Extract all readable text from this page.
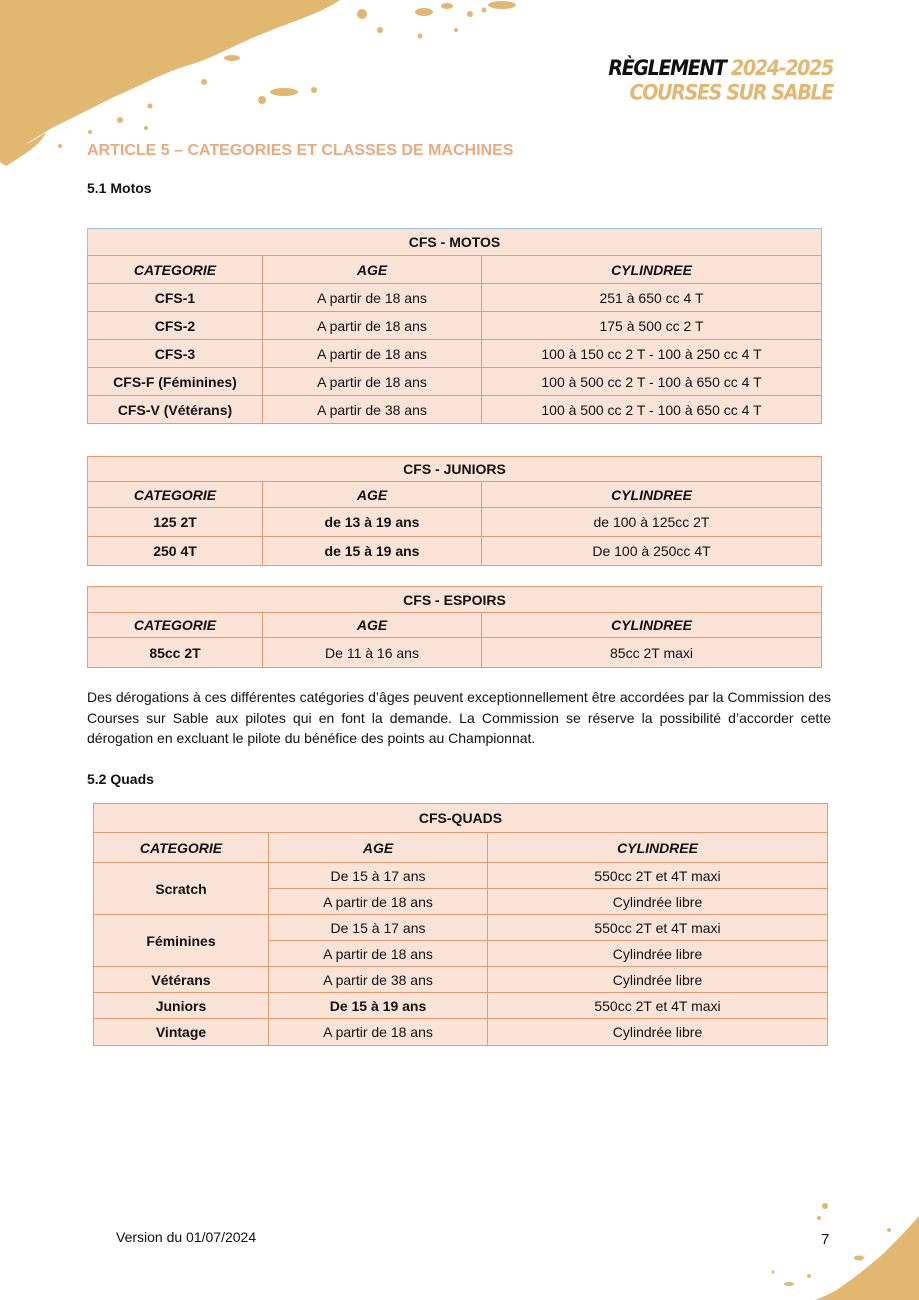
RÈGLEMENT 2024-2025
COURSES SUR SABLE
ARTICLE 5 – CATEGORIES ET CLASSES DE MACHINES
5.1 Motos
CFS - MOTOS		
CATEGORIE	AGE	CYLINDREE
CFS-1	A partir de 18 ans	251 à 650 cc 4 T
CFS-2	A partir de 18 ans	175 à 500 cc 2 T
CFS-3	A partir de 18 ans	100 à 150 cc 2 T - 100 à 250 cc 4 T
CFS-F (Féminines)	A partir de 18 ans	100 à 500 cc 2 T - 100 à 650 cc 4 T
CFS-V (Vétérans)	A partir de 38 ans	100 à 500 cc 2 T - 100 à 650 cc 4 T
CFS - JUNIORS		
CATEGORIE	AGE	CYLINDREE
125 2T	de 13 à 19 ans	de 100 à 125cc 2T
250 4T	de 15 à 19 ans	De 100 à 250cc 4T
CFS - ESPOIRS		
CATEGORIE	AGE	CYLINDREE
85cc 2T	De 11 à 16 ans	85cc 2T maxi
Des dérogations à ces différentes catégories d’âges peuvent exceptionnellement être accordées par la Commission des Courses sur Sable aux pilotes qui en font la demande. La Commission se réserve la possibilité d’accorder cette dérogation en excluant le pilote du bénéfice des points au Championnat.
5.2 Quads
CFS-QUADS		
CATEGORIE	AGE	CYLINDREE
Scratch	De 15 à 17 ans	550cc 2T et 4T maxi
	A partir de 18 ans	Cylindrée libre
Féminines	De 15 à 17 ans	550cc 2T et 4T maxi
	A partir de 18 ans	Cylindrée libre
Vétérans	A partir de 38 ans	Cylindrée libre
Juniors	De 15 à 19 ans	550cc 2T et 4T maxi
Vintage	A partir de 18 ans	Cylindrée libre
Version du 01/07/2024	7
